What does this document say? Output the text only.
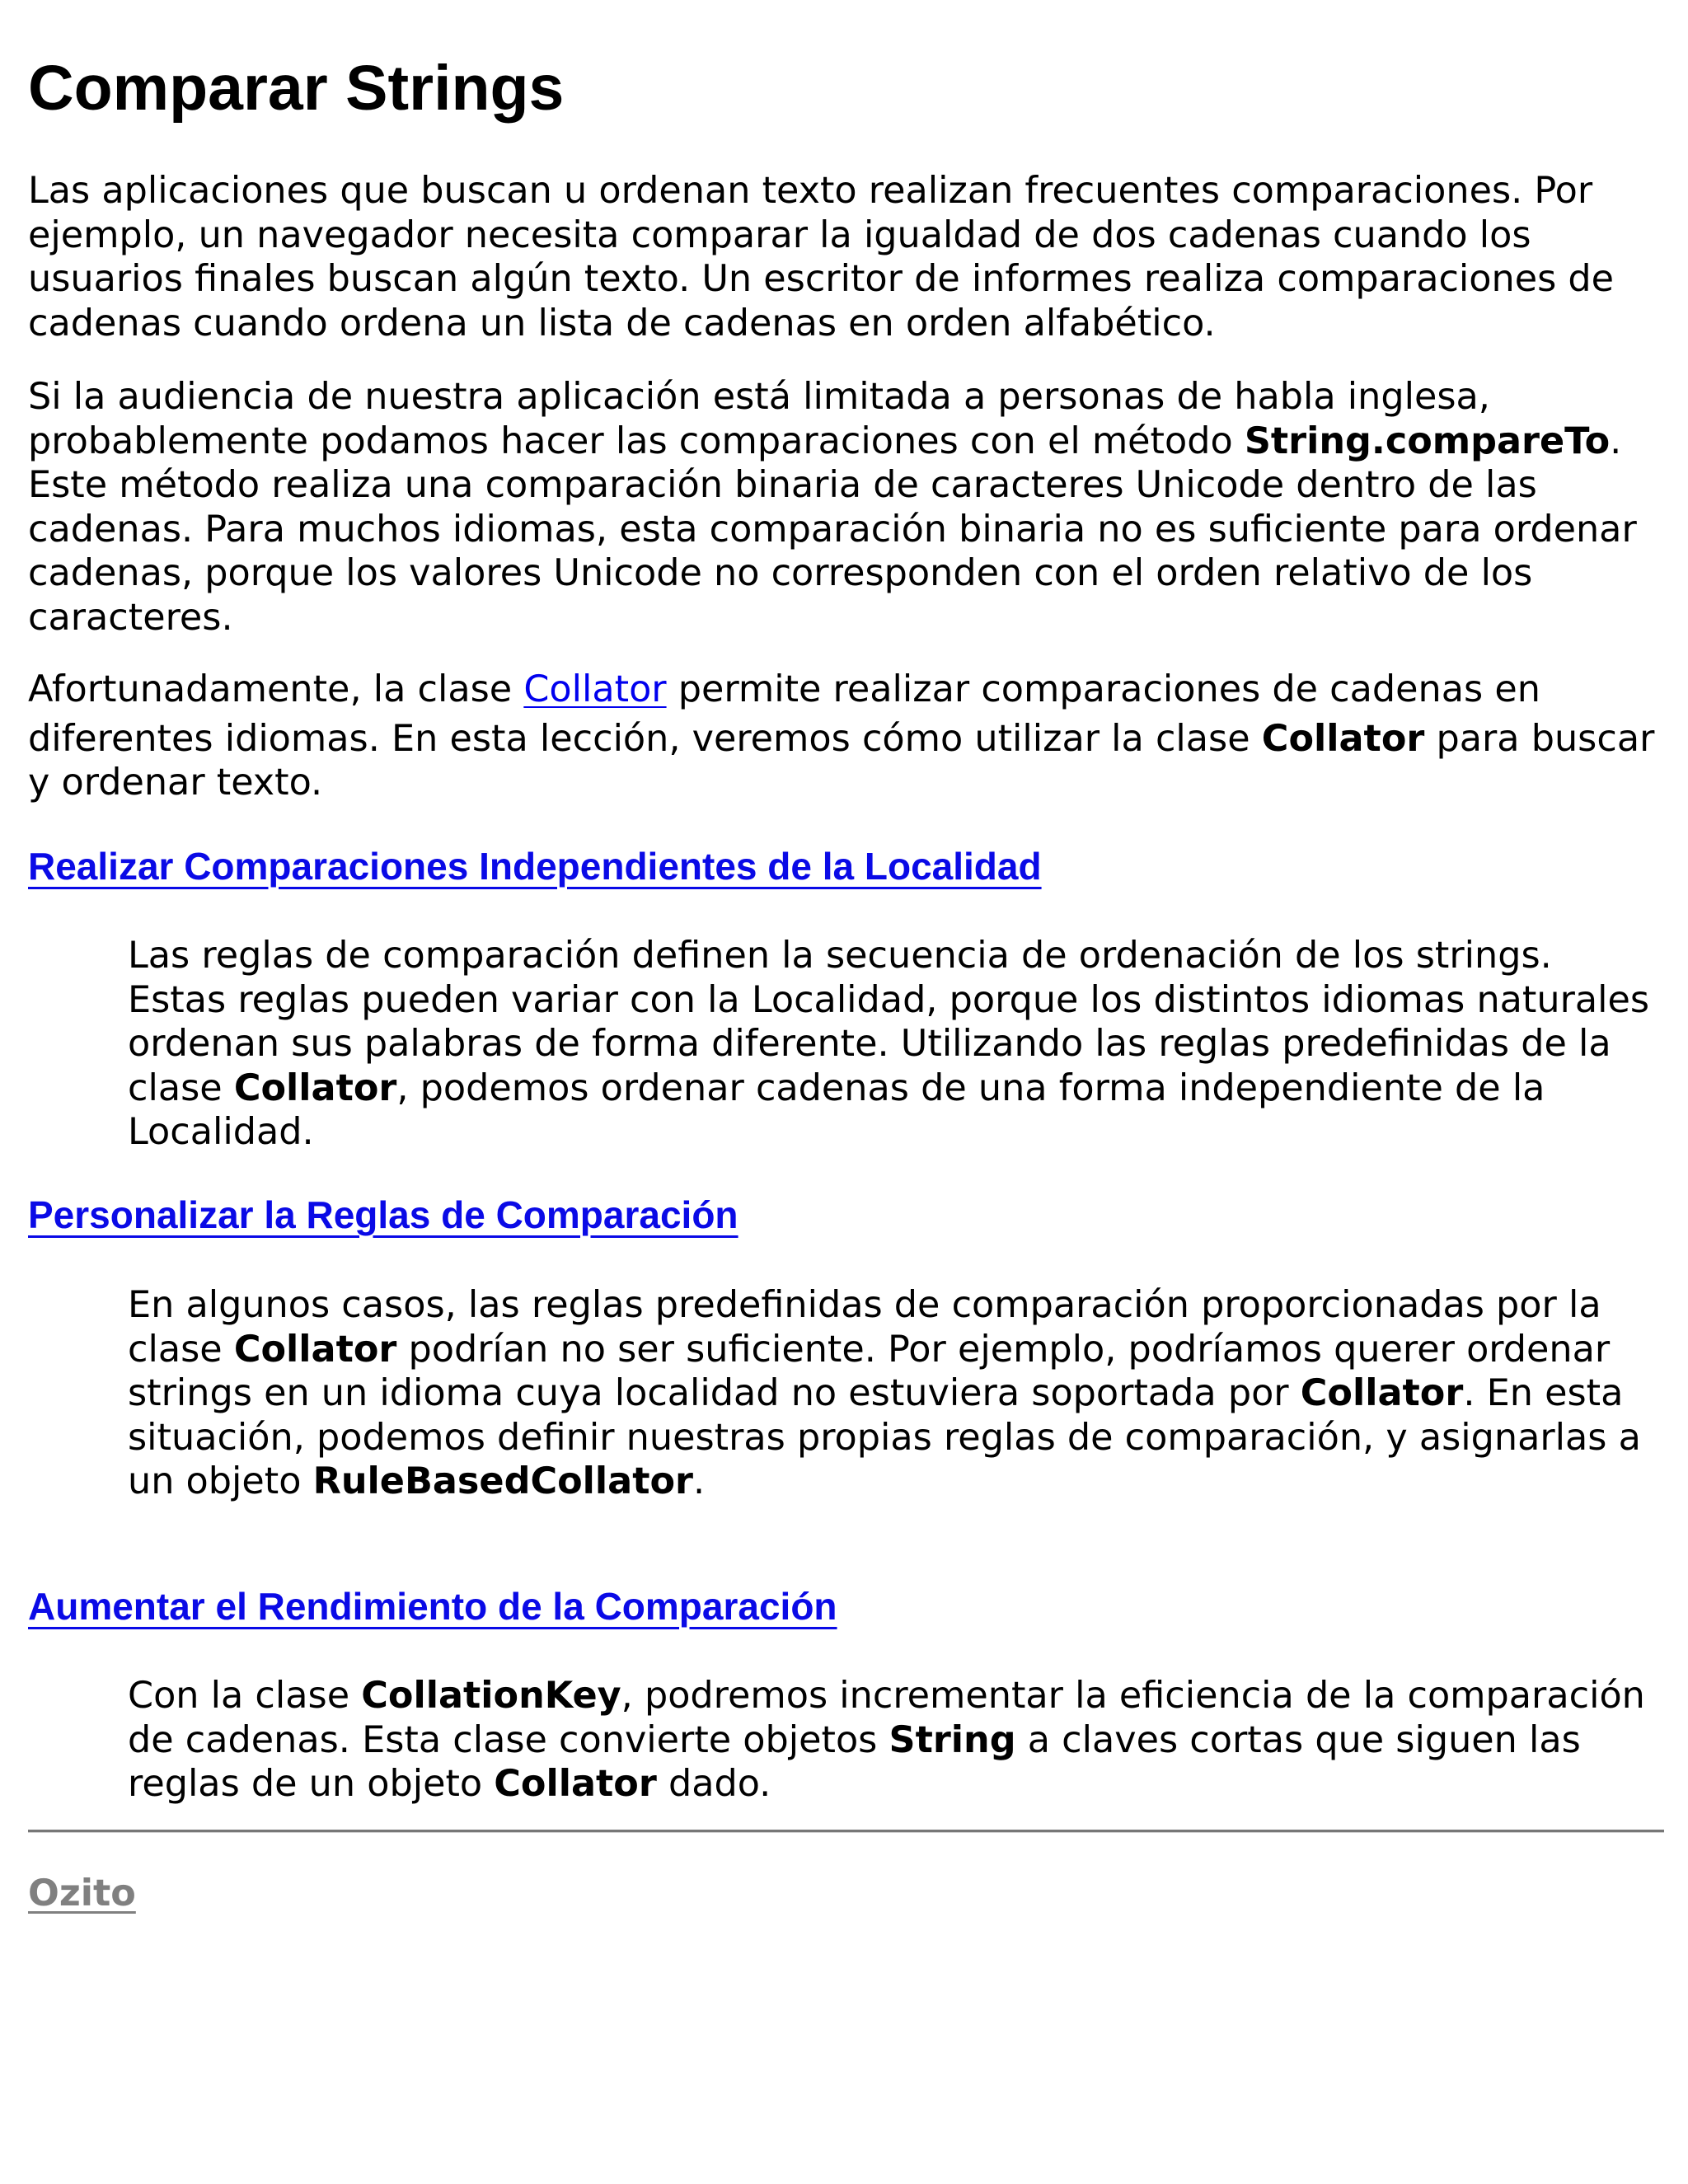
Comparar Strings

Las aplicaciones que buscan u ordenan texto realizan frecuentes comparaciones. Por ejemplo, un navegador necesita comparar la igualdad de dos cadenas cuando los usuarios finales buscan algún texto. Un escritor de informes realiza comparaciones de cadenas cuando ordena un lista de cadenas en orden alfabético.

Si la audiencia de nuestra aplicación está limitada a personas de habla inglesa, probablemente podamos hacer las comparaciones con el método String.compareTo. Este método realiza una comparación binaria de caracteres Unicode dentro de las cadenas. Para muchos idiomas, esta comparación binaria no es suficiente para ordenar cadenas, porque los valores Unicode no corresponden con el orden relativo de los caracteres.

Afortunadamente, la clase Collator permite realizar comparaciones de cadenas en
diferentes idiomas. En esta lección, veremos cómo utilizar la clase Collator para buscar y ordenar texto.

Realizar Comparaciones Independientes de la Localidad

Las reglas de comparación definen la secuencia de ordenación de los strings. Estas reglas pueden variar con la Localidad, porque los distintos idiomas naturales ordenan sus palabras de forma diferente. Utilizando las reglas predefinidas de la clase Collator, podemos ordenar cadenas de una forma independiente de la Localidad.

Personalizar la Reglas de Comparación

En algunos casos, las reglas predefinidas de comparación proporcionadas por la clase Collator podrían no ser suficiente. Por ejemplo, podríamos querer ordenar strings en un idioma cuya localidad no estuviera soportada por Collator. En esta situación, podemos definir nuestras propias reglas de comparación, y asignarlas a un objeto RuleBasedCollator.

Aumentar el Rendimiento de la Comparación

Con la clase CollationKey, podremos incrementar la eficiencia de la comparación de cadenas. Esta clase convierte objetos String a claves cortas que siguen las reglas de un objeto Collator dado.

Ozito
